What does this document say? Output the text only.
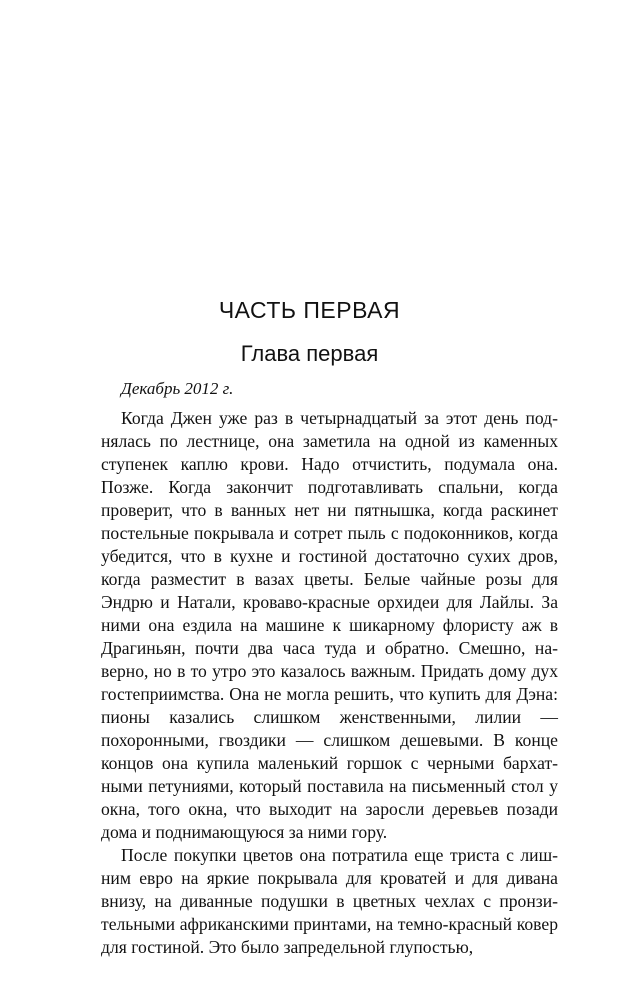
ЧАСТЬ ПЕРВАЯ
Глава первая
Декабрь 2012 г.

Когда Джен уже раз в четырнадцатый за этот день поднялась по лестнице, она заметила на одной из каменных ступенек каплю крови. Надо отчистить, подумала она. Позже. Когда закончит подготавливать спальни, когда проверит, что в ванных нет ни пятнышка, когда раскинет постельные покрывала и сотрет пыль с подоконников, когда убедится, что в кухне и гостиной достаточно сухих дров, когда разместит в вазах цветы. Белые чайные розы для Эндрю и Натали, кроваво-красные орхидеи для Лайлы. За ними она ездила на машине к шикарному флористу аж в Драгиньян, почти два часа туда и обратно. Смешно, наверно, но в то утро это казалось важным. Придать дому дух гостеприимства. Она не могла решить, что купить для Дэна: пионы казались слишком женственными, лилии — похоронными, гвоздики — слишком дешевыми. В конце концов она купила маленький горшок с черными бархатными петуниями, который поставила на письменный стол у окна, того окна, что выходит на заросли деревьев позади дома и поднимающуюся за ними гору.

После покупки цветов она потратила еще триста с лишним евро на яркие покрывала для кроватей и для дивана внизу, на диванные подушки в цветных чехлах с пронзительными африканскими принтами, на темно-красный ковер для гостиной. Это было запредельной глупостью,
